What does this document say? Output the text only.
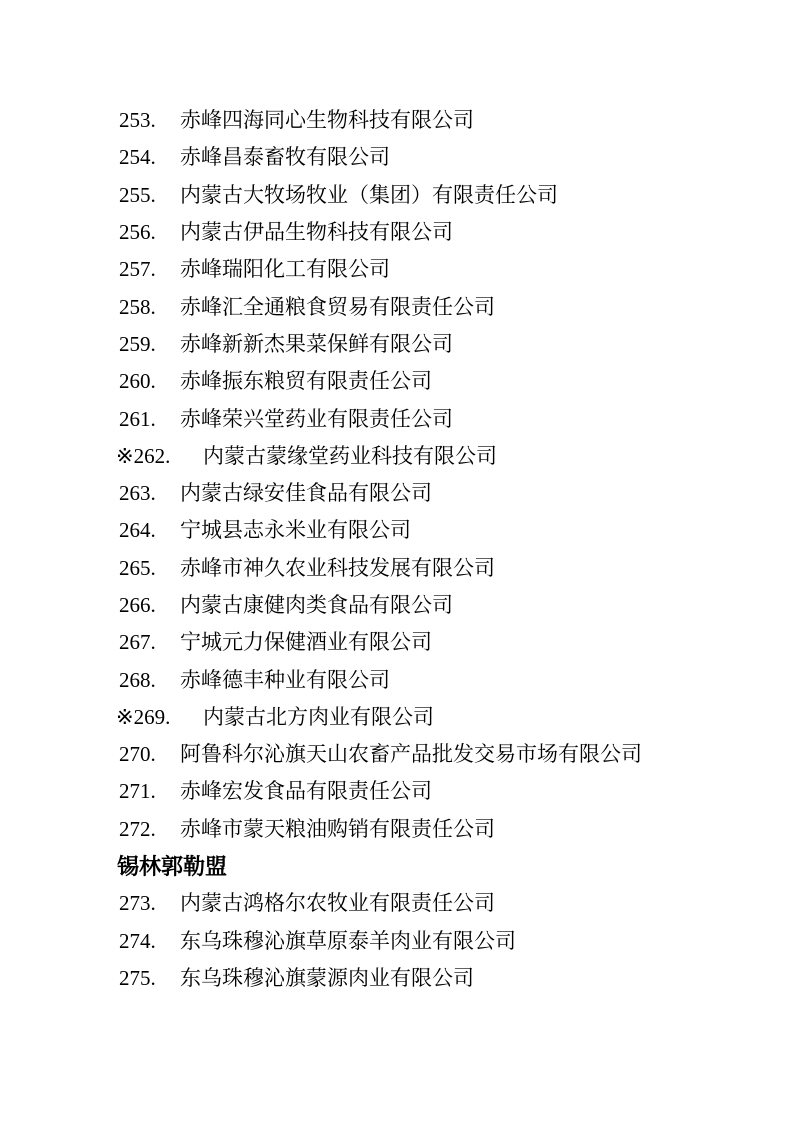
253. 赤峰四海同心生物科技有限公司
254. 赤峰昌泰畜牧有限公司
255. 内蒙古大牧场牧业（集团）有限责任公司
256. 内蒙古伊品生物科技有限公司
257. 赤峰瑞阳化工有限公司
258. 赤峰汇全通粮食贸易有限责任公司
259. 赤峰新新杰果菜保鲜有限公司
260. 赤峰振东粮贸有限责任公司
261. 赤峰荣兴堂药业有限责任公司
※ 262. 内蒙古蒙缘堂药业科技有限公司
263. 内蒙古绿安佳食品有限公司
264. 宁城县志永米业有限公司
265. 赤峰市神久农业科技发展有限公司
266. 内蒙古康健肉类食品有限公司
267. 宁城元力保健酒业有限公司
268. 赤峰德丰种业有限公司
※ 269. 内蒙古北方肉业有限公司
270. 阿鲁科尔沁旗天山农畜产品批发交易市场有限公司
271. 赤峰宏发食品有限责任公司
272. 赤峰市蒙天粮油购销有限责任公司
锡林郭勒盟
273. 内蒙古鸿格尔农牧业有限责任公司
274. 东乌珠穆沁旗草原泰羊肉业有限公司
275. 东乌珠穆沁旗蒙源肉业有限公司
